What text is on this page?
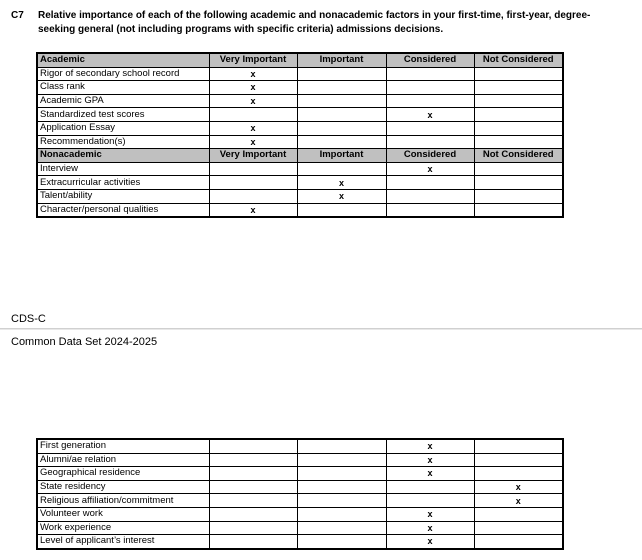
C7 Relative importance of each of the following academic and nonacademic factors in your first-time, first-year, degree-seeking general (not including programs with specific criteria) admissions decisions.
Academic	Very Important	Important	Considered	Not Considered
Rigor of secondary school record	x			
Class rank	x			
Academic GPA	x			
Standardized test scores			x	
Application Essay	x			
Recommendation(s)	x			
Nonacademic	Very Important	Important	Considered	Not Considered
Interview			x	
Extracurricular activities		x		
Talent/ability		x		
Character/personal qualities	x			
CDS-C
Common Data Set 2024-2025
First generation			x	
Alumni/ae relation			x	
Geographical residence			x	
State residency				x
Religious affiliation/commitment				x
Volunteer work			x	
Work experience			x	
Level of applicant’s interest			x	
